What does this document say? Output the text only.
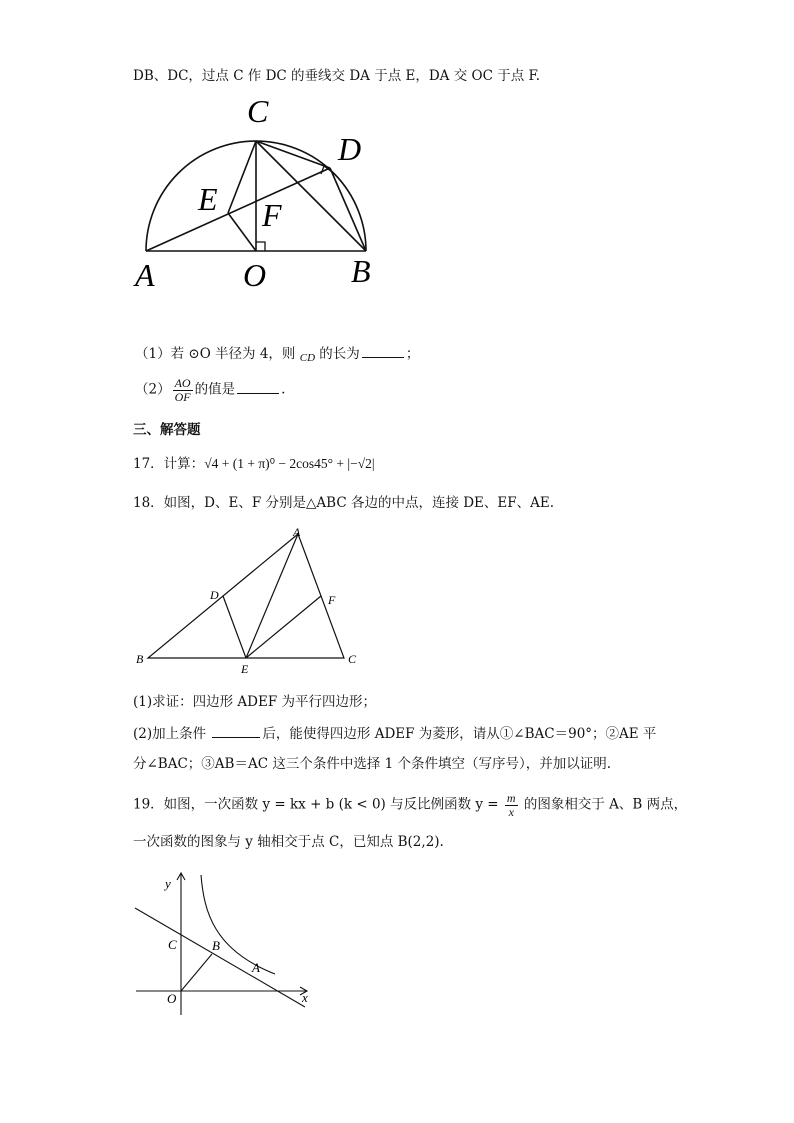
DB、DC，过点 C 作 DC 的垂线交 DA 于点 E，DA 交 OC 于点 F.
C
D
E F
A	O	B
（1）若 ⊙O 半径为 4，则 $_{CD}$ 的长为	；
$(2) \frac{AO}{OF}$ 的值是	.
三、解答题
17．计算：√4 + (1 + π)⁰ − 2cos45° + |−√2|
18．如图，D、E、F 分别是△ABC 各边的中点，连接 DE、EF、AE.
A
B	C
D
E
F
(1)求证：四边形 ADEF 为平行四边形；
(2)加上条件	后，能使得四边形 ADEF 为菱形，请从①∠BAC＝90°；②AE 平
分∠BAC；③AB＝AC 这三个条件中选择 1 个条件填空（写序号），并加以证明.
19．如图，一次函数 y = kx + b (k < 0) 与反比例函数 $y = \frac{m}{x}$ 的图象相交于 A、B 两点，
一次函数的图象与 y 轴相交于点 C，已知点 B(2,2).
y
x
C	B
A
O
